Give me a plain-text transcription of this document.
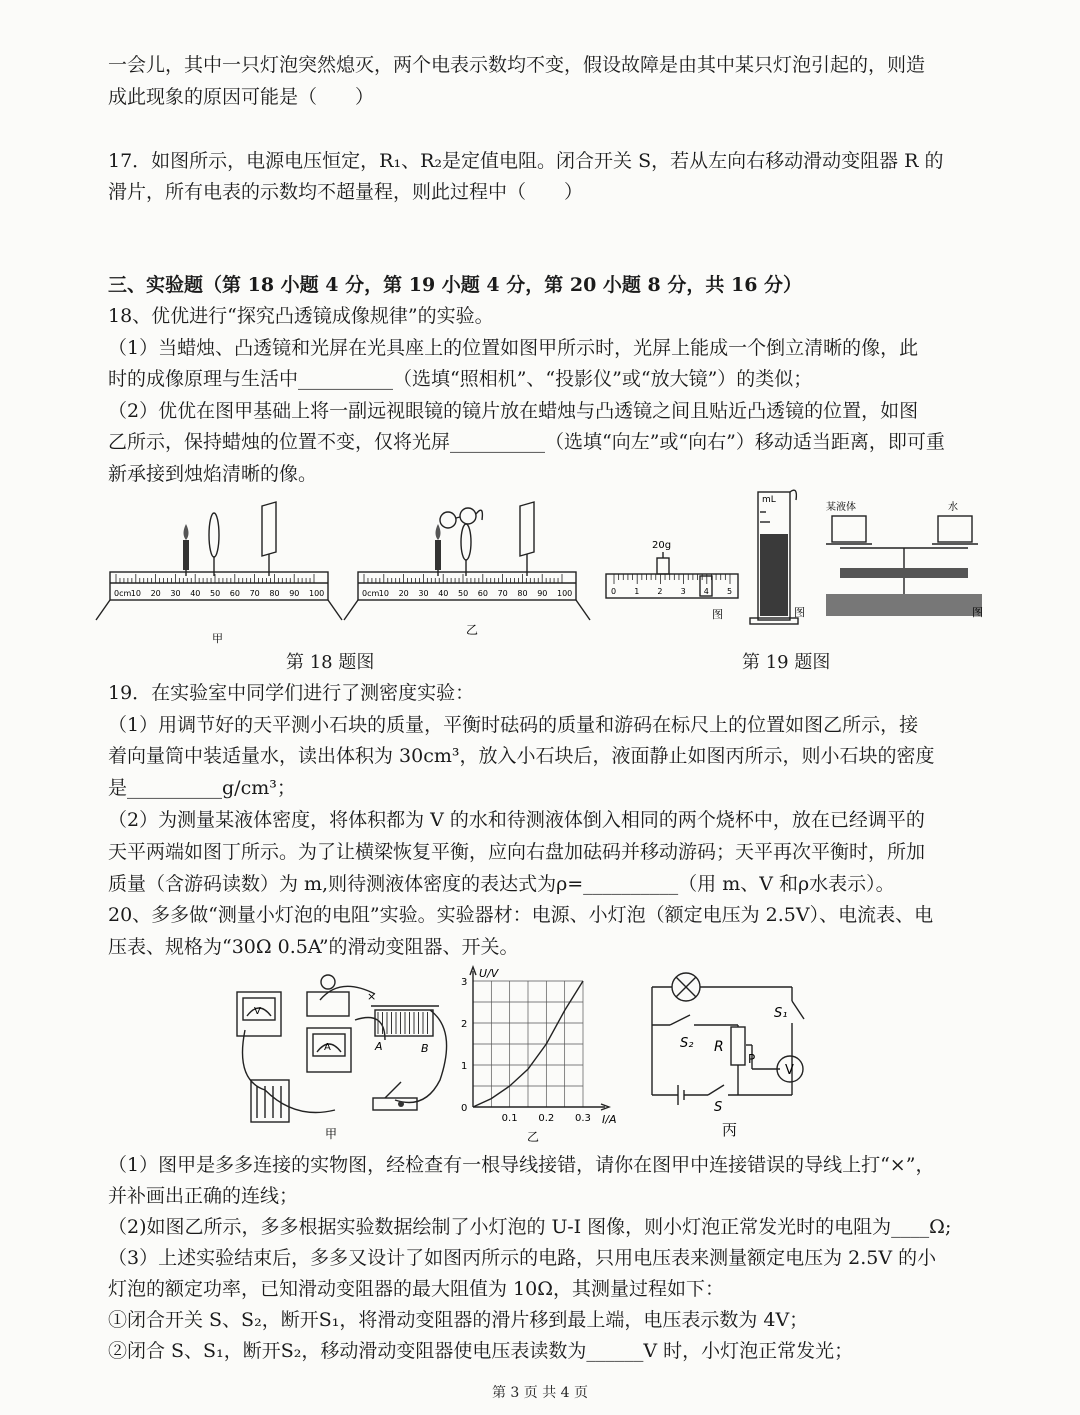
一会儿，其中一只灯泡突然熄灭，两个电表示数均不变，假设故障是由其中某只灯泡引起的，则造
成此现象的原因可能是（　　）
17．如图所示，电源电压恒定，R₁、R₂是定值电阻。闭合开关 S，若从左向右移动滑动变阻器 R 的
滑片，所有电表的示数均不超量程，则此过程中（　　）
三、实验题（第 18 小题 4 分，第 19 小题 4 分，第 20 小题 8 分，共 16 分）
18、优优进行“探究凸透镜成像规律”的实验。
（1）当蜡烛、凸透镜和光屏在光具座上的位置如图甲所示时，光屏上能成一个倒立清晰的像，此
时的成像原理与生活中__________（选填“照相机”、“投影仪”或“放大镜”）的类似；
（2）优优在图甲基础上将一副远视眼镜的镜片放在蜡烛与凸透镜之间且贴近凸透镜的位置，如图
乙所示，保持蜡烛的位置不变，仅将光屏__________（选填“向左”或“向右”）移动适当距离，即可重
新承接到烛焰清晰的像。
0cm 10 20 30 40 50 60 70 80 90 100	0cm 10 20 30 40 50 60 70 80 90 100
甲
乙
0 1 2 3 4 5
20g
图
mL
图
某液体	水
图
第 18 题图	第 19 题图
19．在实验室中同学们进行了测密度实验：
（1）用调节好的天平测小石块的质量，平衡时砝码的质量和游码在标尺上的位置如图乙所示，接
着向量筒中装适量水，读出体积为 30cm³，放入小石块后，液面静止如图丙所示，则小石块的密度
是__________g/cm³；
（2）为测量某液体密度，将体积都为 V 的水和待测液体倒入相同的两个烧杯中，放在已经调平的
天平两端如图丁所示。为了让横梁恢复平衡，应向右盘加砝码并移动游码；天平再次平衡时，所加
质量（含游码读数）为 m,则待测液体密度的表达式为ρ=__________（用 m、V 和ρ水表示）。
20、多多做“测量小灯泡的电阻”实验。实验器材：电源、小灯泡（额定电压为 2.5V）、电流表、电
压表、规格为“30Ω 0.5A”的滑动变阻器、开关。
V
A	A	B
×
甲
0
1
2
3
0.1 0.2 0.3
U/V
I/A
乙
S₁
S₂ R
P
V
S
丙
（1）图甲是多多连接的实物图，经检查有一根导线接错，请你在图甲中连接错误的导线上打“×”，
并补画出正确的连线；
（2)如图乙所示，多多根据实验数据绘制了小灯泡的 U-I 图像，则小灯泡正常发光时的电阻为____Ω;
（3）上述实验结束后，多多又设计了如图丙所示的电路，只用电压表来测量额定电压为 2.5V 的小
灯泡的额定功率，已知滑动变阻器的最大阻值为 10Ω，其测量过程如下：
①闭合开关 S、S₂，断开S₁，将滑动变阻器的滑片移到最上端，电压表示数为 4V；
②闭合 S、S₁，断开S₂，移动滑动变阻器使电压表读数为______V 时，小灯泡正常发光；
第 3 页 共 4 页
